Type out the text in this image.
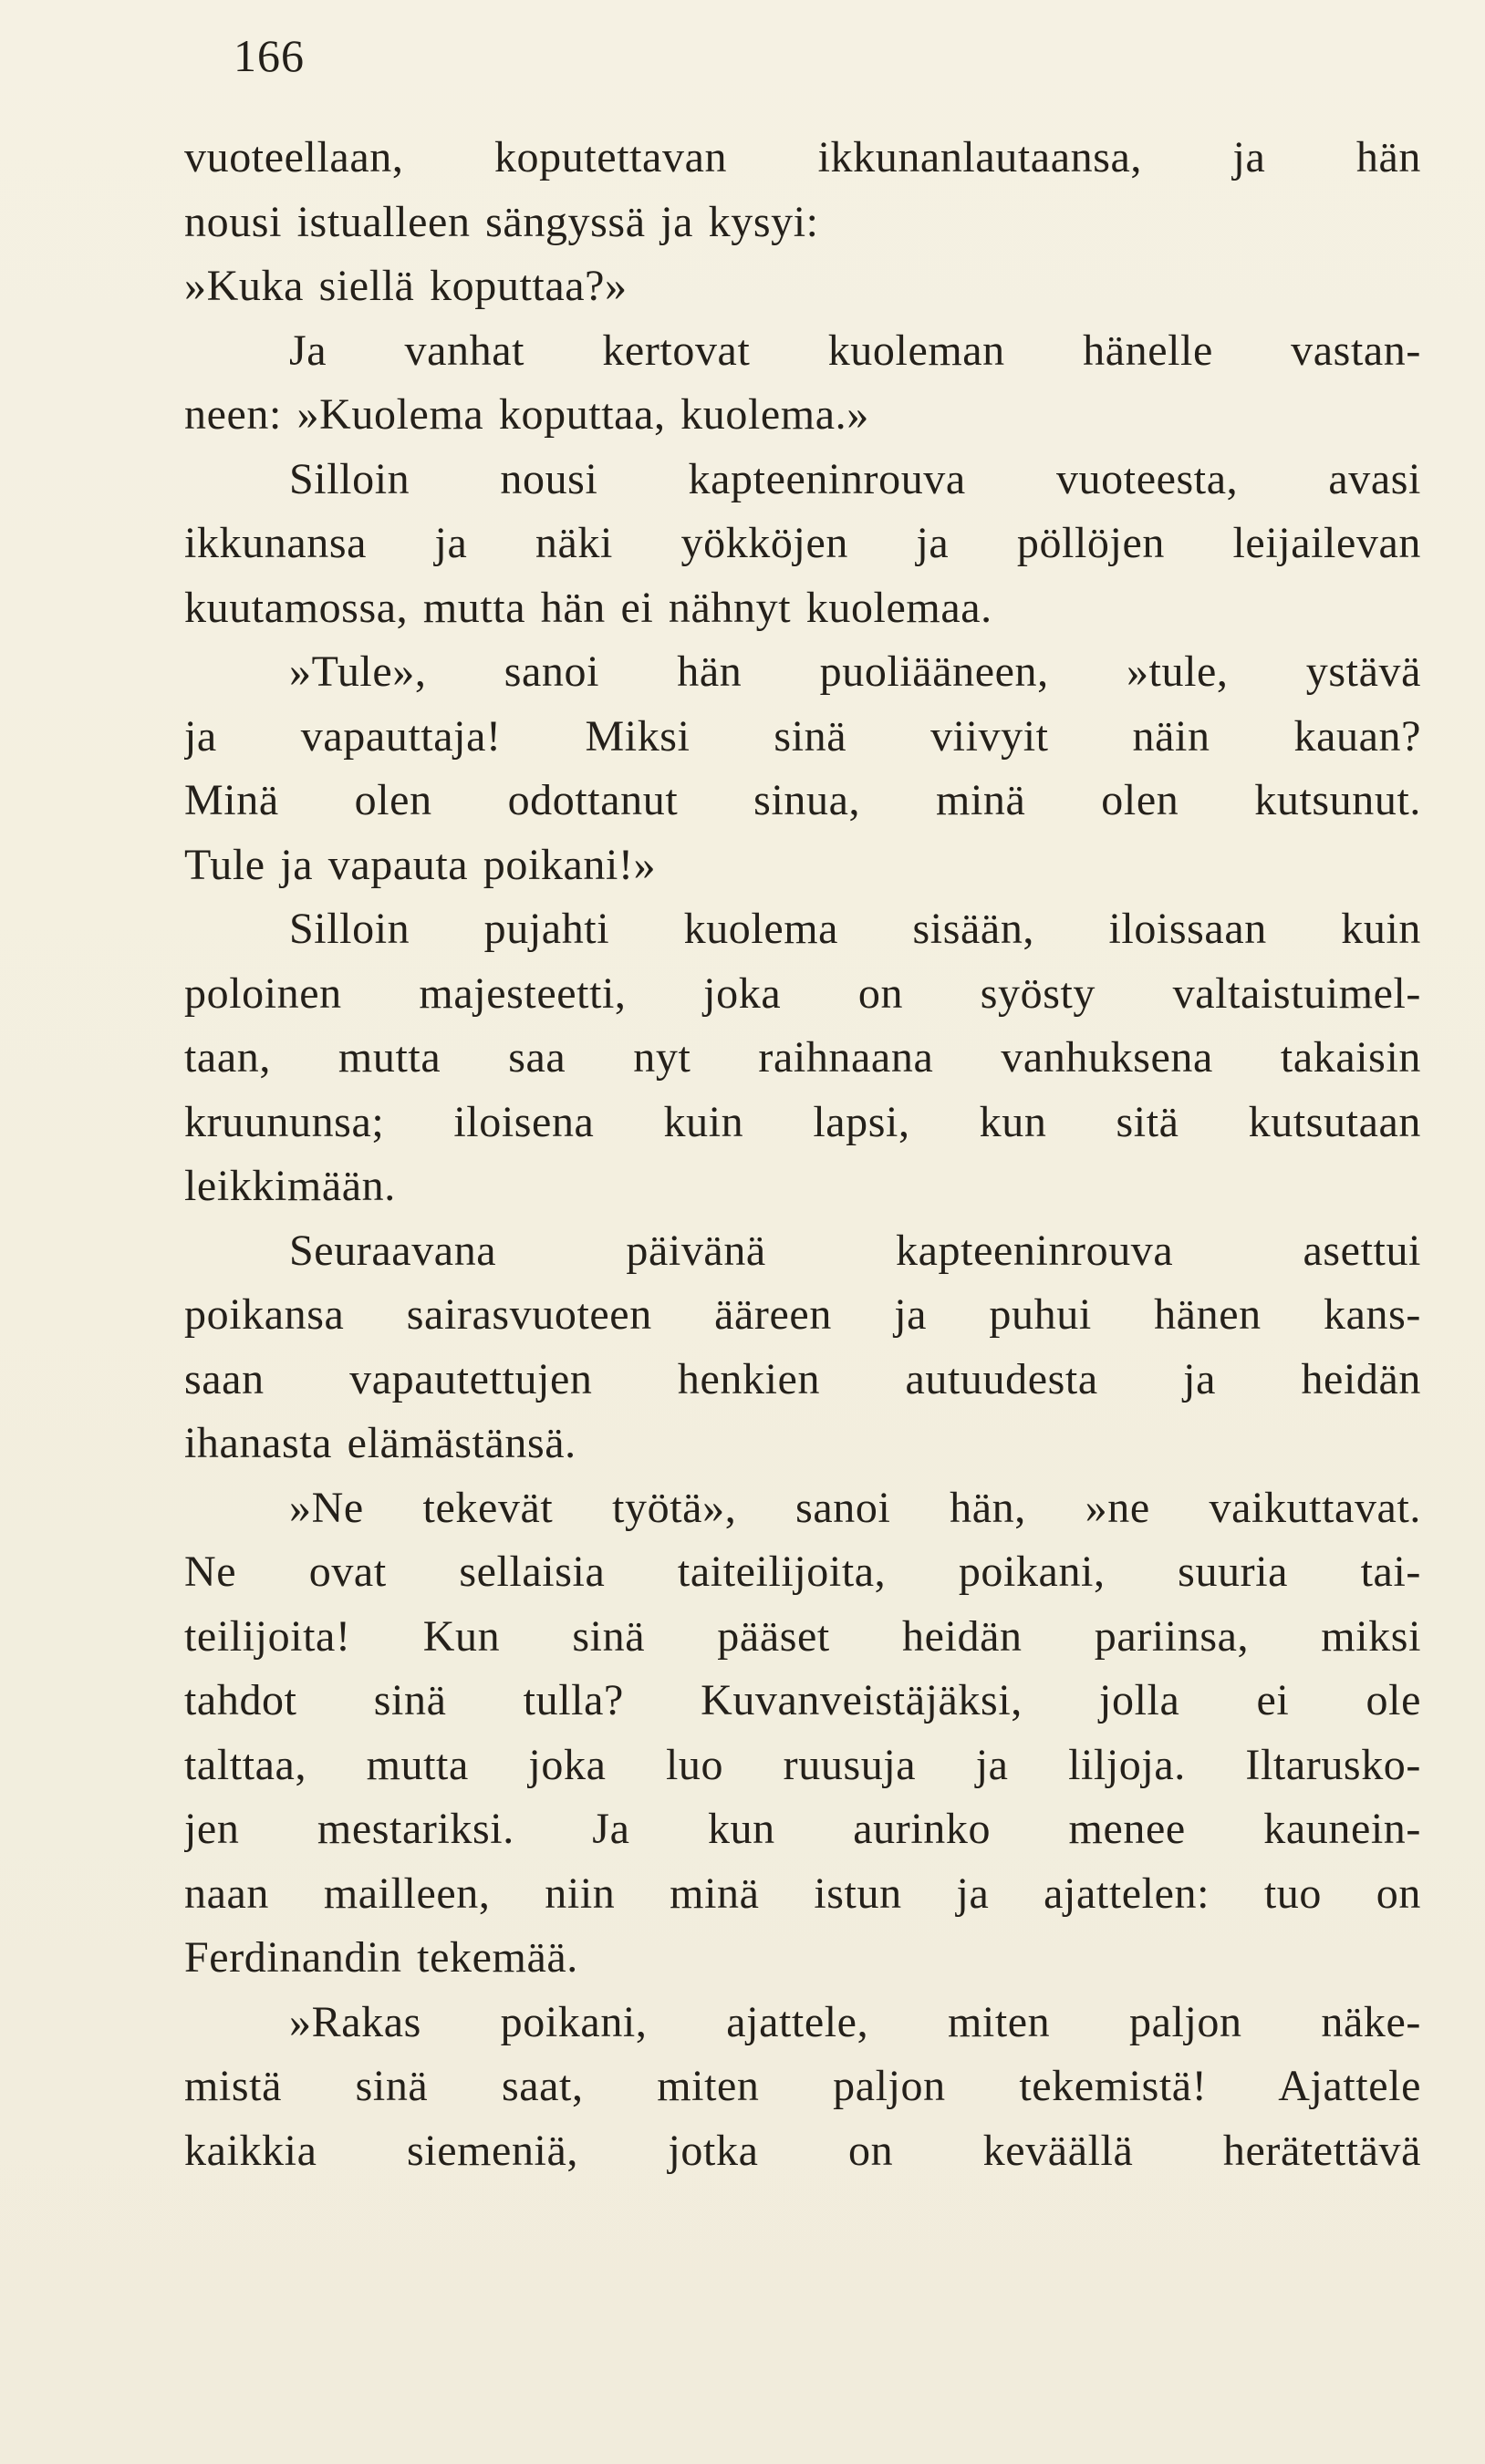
166
vuoteellaan, koputettavan ikkunanlautaansa, ja hän
nousi istualleen sängyssä ja kysyi:
»Kuka siellä koputtaa?»
Ja vanhat kertovat kuoleman hänelle vastan-
neen: »Kuolema koputtaa, kuolema.»
Silloin nousi kapteeninrouva vuoteesta, avasi
ikkunansa ja näki yökköjen ja pöllöjen leijailevan
kuutamossa, mutta hän ei nähnyt kuolemaa.
»Tule», sanoi hän puoliääneen, »tule, ystävä
ja vapauttaja! Miksi sinä viivyit näin kauan?
Minä olen odottanut sinua, minä olen kutsunut.
Tule ja vapauta poikani!»
Silloin pujahti kuolema sisään, iloissaan kuin
poloinen majesteetti, joka on syösty valtaistuimel-
taan, mutta saa nyt raihnaana vanhuksena takaisin
kruununsa; iloisena kuin lapsi, kun sitä kutsutaan
leikkimään.
Seuraavana päivänä kapteeninrouva asettui
poikansa sairasvuoteen ääreen ja puhui hänen kans-
saan vapautettujen henkien autuudesta ja heidän
ihanasta elämästänsä.
»Ne tekevät työtä», sanoi hän, »ne vaikuttavat.
Ne ovat sellaisia taiteilijoita, poikani, suuria tai-
teilijoita! Kun sinä pääset heidän pariinsa, miksi
tahdot sinä tulla? Kuvanveistäjäksi, jolla ei ole
talttaa, mutta joka luo ruusuja ja liljoja. Iltarusko-
jen mestariksi. Ja kun aurinko menee kaunein-
naan mailleen, niin minä istun ja ajattelen: tuo on
Ferdinandin tekemää.
»Rakas poikani, ajattele, miten paljon näke-
mistä sinä saat, miten paljon tekemistä! Ajattele
kaikkia siemeniä, jotka on keväällä herätettävä
